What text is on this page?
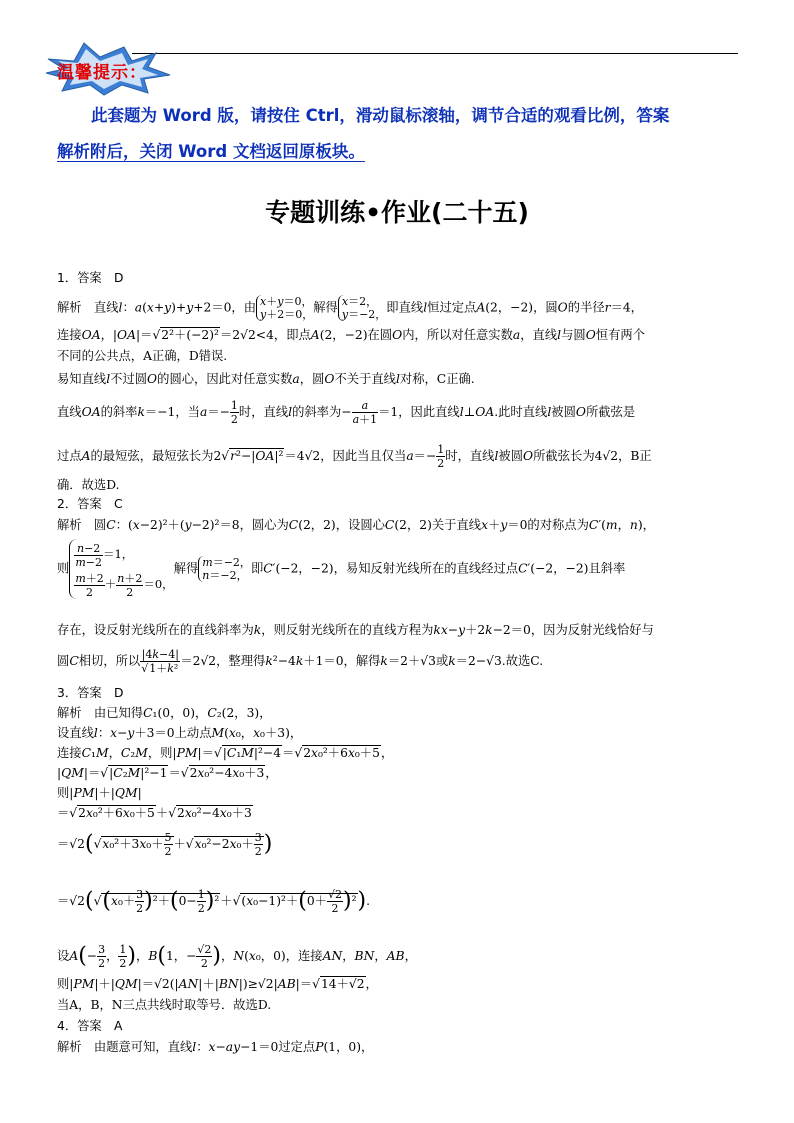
温馨提示：
此套题为 Word 版，请按住 Ctrl，滑动鼠标滚轴，调节合适的观看比例，答案
解析附后，关闭 Word 文档返回原板块。
专题训练•作业(二十五)
1．答案　D
解析　直线l：a(x+y)+y+2＝0，由 x＋y＝0，
y＋2＝0， 解得 x＝2，
y＝−2， 即直线l恒过定点A(2，−2)，圆O的半径r＝4，
连接OA，|OA|＝√2²＋(−2)²＝2√2<4，即点A(2，−2)在圆O内，所以对任意实数a，直线l与圆O恒有两个
不同的公共点，A正确，D错误.
易知直线l不过圆O的圆心，因此对任意实数a，圆O不关于直线l对称，C正确.
直线OA的斜率k＝−1，当$a=- \frac{1}{2}$ 时，直线l的斜率为− $\frac{a}{a+1} =1$，因此直线l⊥OA.此时直线l被圆O所截弦是
过点A的最短弦，最短弦长为2√r²−|OA|²＝4√2，因此当且仅当$a=- \frac{1}{2}$ 时，直线l被圆O所截弦长为4√2，B正
确．故选D.
2．答案　C
解析　圆C：(x−2)²＋(y−2)²＝8，圆心为C(2，2)，设圆心C(2，2)关于直线x＋y＝0的对称点为C′(m，n)，
则 $\frac{n-2}{m-2} =1$，
$\frac{m+2}{2} + \frac{n+2}{2} =0$，
解得 m＝−2，
n＝−2， 即C′(−2，−2)，易知反射光线所在的直线经过点C′(−2，−2)且斜率
存在，设反射光线所在的直线斜率为k，则反射光线所在的直线方程为kx−y＋2k−2＝0，因为反射光线恰好与
圆C相切，所以 $\frac{|4k-4|}{\text{√1＋k²}} =2√2$，整理得k²−4k＋1＝0，解得k＝2＋√3或k＝2−√3.故选C.
3．答案　D
解析　由已知得C₁(0，0)，C₂(2，3)，
设直线l：x−y＋3＝0上动点M(x₀，x₀＋3)，
连接C₁M，C₂M，则|PM|＝√|C₁M|²−4＝√2x₀²＋6x₀＋5，
|QM|＝√|C₂M|²−1＝√2x₀²−4x₀＋3，
则|PM|＋|QM|
＝√2x₀²＋6x₀＋5＋√2x₀²−4x₀＋3
$=√2(√x_0^2+3x_0+ \frac{5}{2} +√x_0^2-2x_0+ \frac{3}{2}$ )
$=√2(√(x_0+ \frac{3}{2} )^2+(0- \frac{1}{2} )^2+√(x_0-1)^2+(0+ \frac{√2}{2} )^2)$.
设$A(- \frac{3}{2}$ ， $\frac{1}{2}$ )，B(1，− $\frac{√2}{2}$ )，N(x₀，0)，连接AN，BN，AB，
则|PM|＋|QM|＝√2(|AN|＋|BN|)≥√2|AB|＝√14＋√2，
当A，B，N三点共线时取等号．故选D.
4．答案　A
解析　由题意可知，直线l：x−ay−1＝0过定点P(1，0)，
